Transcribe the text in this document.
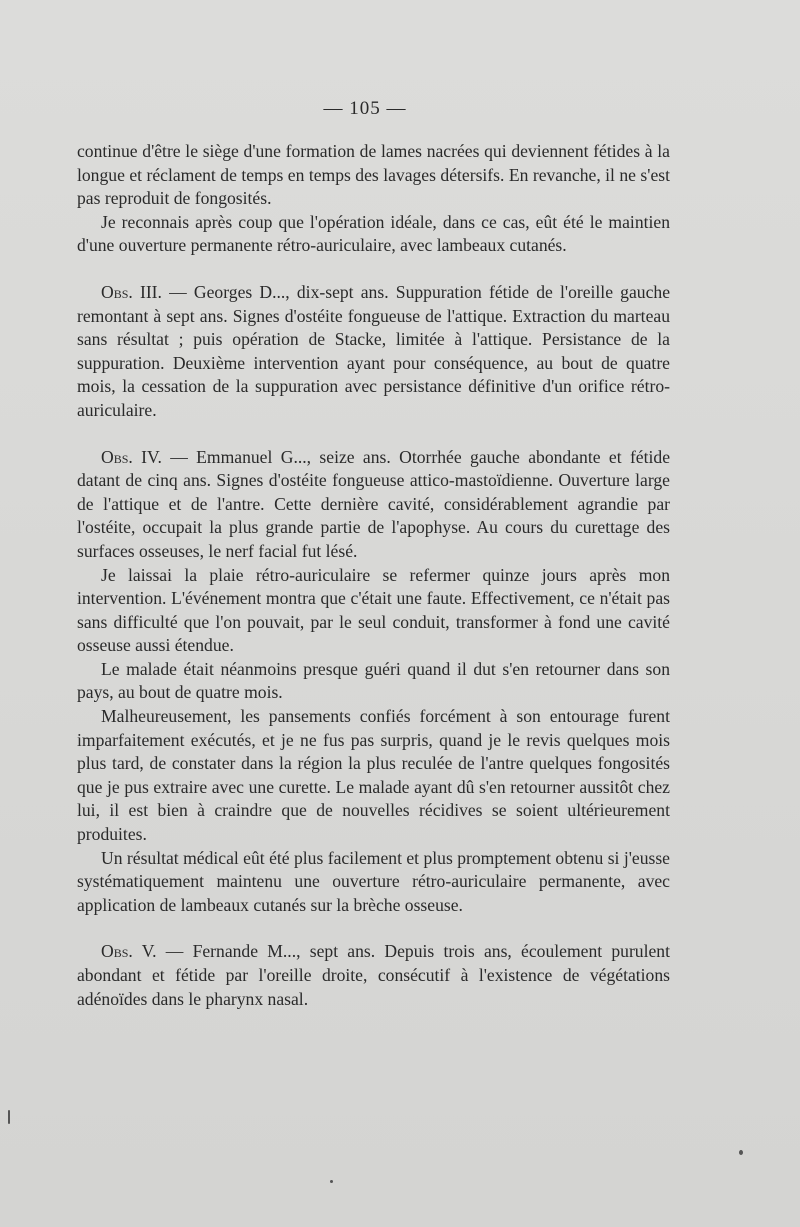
— 105 —

continue d'être le siège d'une formation de lames nacrées qui deviennent fétides à la longue et réclament de temps en temps des lavages détersifs. En revanche, il ne s'est pas reproduit de fongosités.

Je reconnais après coup que l'opération idéale, dans ce cas, eût été le maintien d'une ouverture permanente rétro-auriculaire, avec lambeaux cutanés.

Obs. III. — Georges D..., dix-sept ans. Suppuration fétide de l'oreille gauche remontant à sept ans. Signes d'ostéite fongueuse de l'attique. Extraction du marteau sans résultat ; puis opération de Stacke, limitée à l'attique. Persistance de la suppuration. Deuxième intervention ayant pour conséquence, au bout de quatre mois, la cessation de la suppuration avec persistance définitive d'un orifice rétro-auriculaire.

Obs. IV. — Emmanuel G..., seize ans. Otorrhée gauche abondante et fétide datant de cinq ans. Signes d'ostéite fongueuse attico-mastoïdienne. Ouverture large de l'attique et de l'antre. Cette dernière cavité, considérablement agrandie par l'ostéite, occupait la plus grande partie de l'apophyse. Au cours du curettage des surfaces osseuses, le nerf facial fut lésé.

Je laissai la plaie rétro-auriculaire se refermer quinze jours après mon intervention. L'événement montra que c'était une faute. Effectivement, ce n'était pas sans difficulté que l'on pouvait, par le seul conduit, transformer à fond une cavité osseuse aussi étendue.

Le malade était néanmoins presque guéri quand il dut s'en retourner dans son pays, au bout de quatre mois.

Malheureusement, les pansements confiés forcément à son entourage furent imparfaitement exécutés, et je ne fus pas surpris, quand je le revis quelques mois plus tard, de constater dans la région la plus reculée de l'antre quelques fongosités que je pus extraire avec une curette. Le malade ayant dû s'en retourner aussitôt chez lui, il est bien à craindre que de nouvelles récidives se soient ultérieurement produites.

Un résultat médical eût été plus facilement et plus promptement obtenu si j'eusse systématiquement maintenu une ouverture rétro-auriculaire permanente, avec application de lambeaux cutanés sur la brèche osseuse.

Obs. V. — Fernande M..., sept ans. Depuis trois ans, écoulement purulent abondant et fétide par l'oreille droite, consécutif à l'existence de végétations adénoïdes dans le pharynx nasal.
